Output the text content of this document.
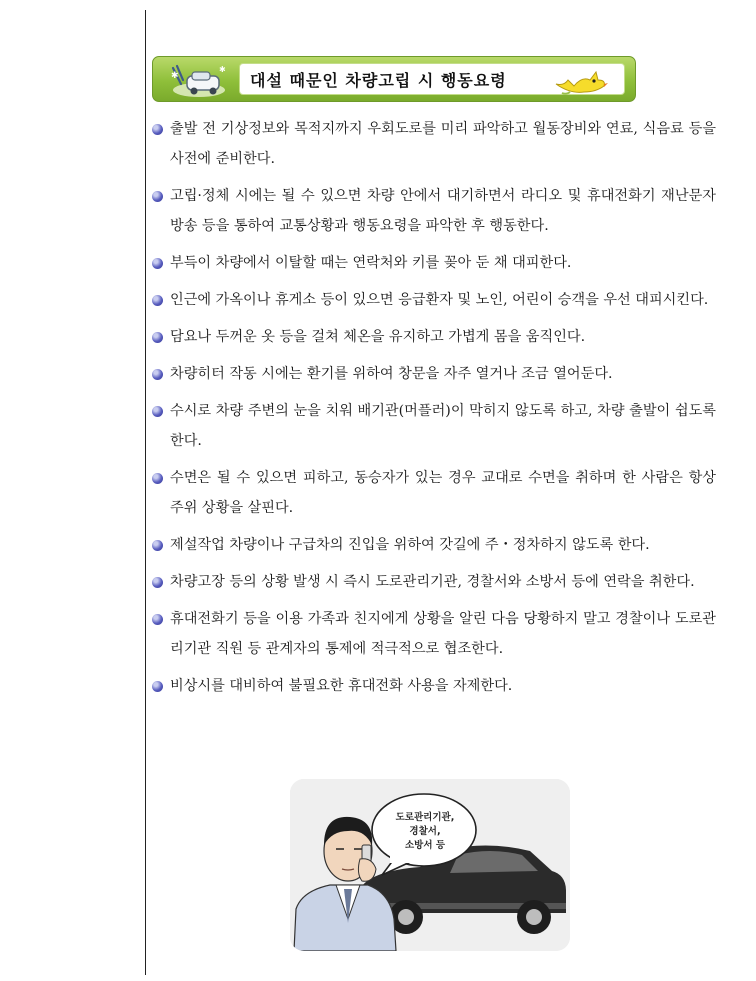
✱
✱
대설 때문인 차량고립 시 행동요령
출발 전 기상정보와 목적지까지 우회도로를 미리 파악하고 월동장비와 연료, 식음료 등을 사전에 준비한다.
고립·정체 시에는 될 수 있으면 차량 안에서 대기하면서 라디오 및 휴대전화기 재난문자방송 등을 통하여 교통상황과 행동요령을 파악한 후 행동한다.
부득이 차량에서 이탈할 때는 연락처와 키를 꽂아 둔 채 대피한다.
인근에 가옥이나 휴게소 등이 있으면 응급환자 및 노인, 어린이 승객을 우선 대피시킨다.
담요나 두꺼운 옷 등을 걸쳐 체온을 유지하고 가볍게 몸을 움직인다.
차량히터 작동 시에는 환기를 위하여 창문을 자주 열거나 조금 열어둔다.
수시로 차량 주변의 눈을 치워 배기관(머플러)이 막히지 않도록 하고, 차량 출발이 쉽도록 한다.
수면은 될 수 있으면 피하고, 동승자가 있는 경우 교대로 수면을 취하며 한 사람은 항상 주위 상황을 살핀다.
제설작업 차량이나 구급차의 진입을 위하여 갓길에 주・정차하지 않도록 한다.
차량고장 등의 상황 발생 시 즉시 도로관리기관, 경찰서와 소방서 등에 연락을 취한다.
휴대전화기 등을 이용 가족과 친지에게 상황을 알린 다음 당황하지 말고 경찰이나 도로관리기관 직원 등 관계자의 통제에 적극적으로 협조한다.
비상시를 대비하여 불필요한 휴대전화 사용을 자제한다.
도로관리기관,
경찰서,
소방서 등
